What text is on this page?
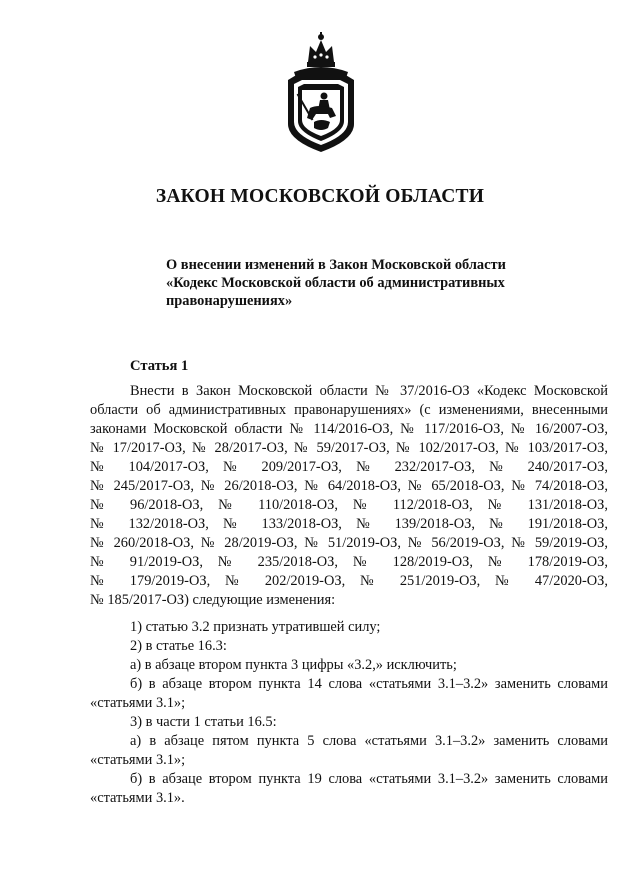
ЗАКОН МОСКОВСКОЙ ОБЛАСТИ
О внесении изменений в Закон Московской области
«Кодекс Московской области об административных
правонарушениях»
Статья 1
Внести в Закон Московской области № 37/2016-ОЗ «Кодекс Московской
области об административных правонарушениях» (с изменениями, внесенными
законами Московской области № 114/2016-ОЗ, № 117/2016-ОЗ, № 16/2007-ОЗ,
№ 17/2017-ОЗ, № 28/2017-ОЗ, № 59/2017-ОЗ, № 102/2017-ОЗ, № 103/2017-ОЗ,
№ 104/2017-ОЗ, № 209/2017-ОЗ, № 232/2017-ОЗ, № 240/2017-ОЗ,
№ 245/2017-ОЗ, № 26/2018-ОЗ, № 64/2018-ОЗ, № 65/2018-ОЗ, № 74/2018-ОЗ,
№ 96/2018-ОЗ, № 110/2018-ОЗ, № 112/2018-ОЗ, № 131/2018-ОЗ,
№ 132/2018-ОЗ, № 133/2018-ОЗ, № 139/2018-ОЗ, № 191/2018-ОЗ,
№ 260/2018-ОЗ, № 28/2019-ОЗ, № 51/2019-ОЗ, № 56/2019-ОЗ, № 59/2019-ОЗ,
№ 91/2019-ОЗ, № 235/2018-ОЗ, № 128/2019-ОЗ, № 178/2019-ОЗ,
№ 179/2019-ОЗ, № 202/2019-ОЗ, № 251/2019-ОЗ, № 47/2020-ОЗ,
№ 185/2017-ОЗ) следующие изменения:
1) статью 3.2 признать утратившей силу;
2) в статье 16.3:
а) в абзаце втором пункта 3 цифры «3.2,» исключить;
б) в абзаце втором пункта 14 слова «статьями 3.1–3.2» заменить словами
«статьями 3.1»;
3) в части 1 статьи 16.5:
а) в абзаце пятом пункта 5 слова «статьями 3.1–3.2» заменить словами
«статьями 3.1»;
б) в абзаце втором пункта 19 слова «статьями 3.1–3.2» заменить словами
«статьями 3.1».
